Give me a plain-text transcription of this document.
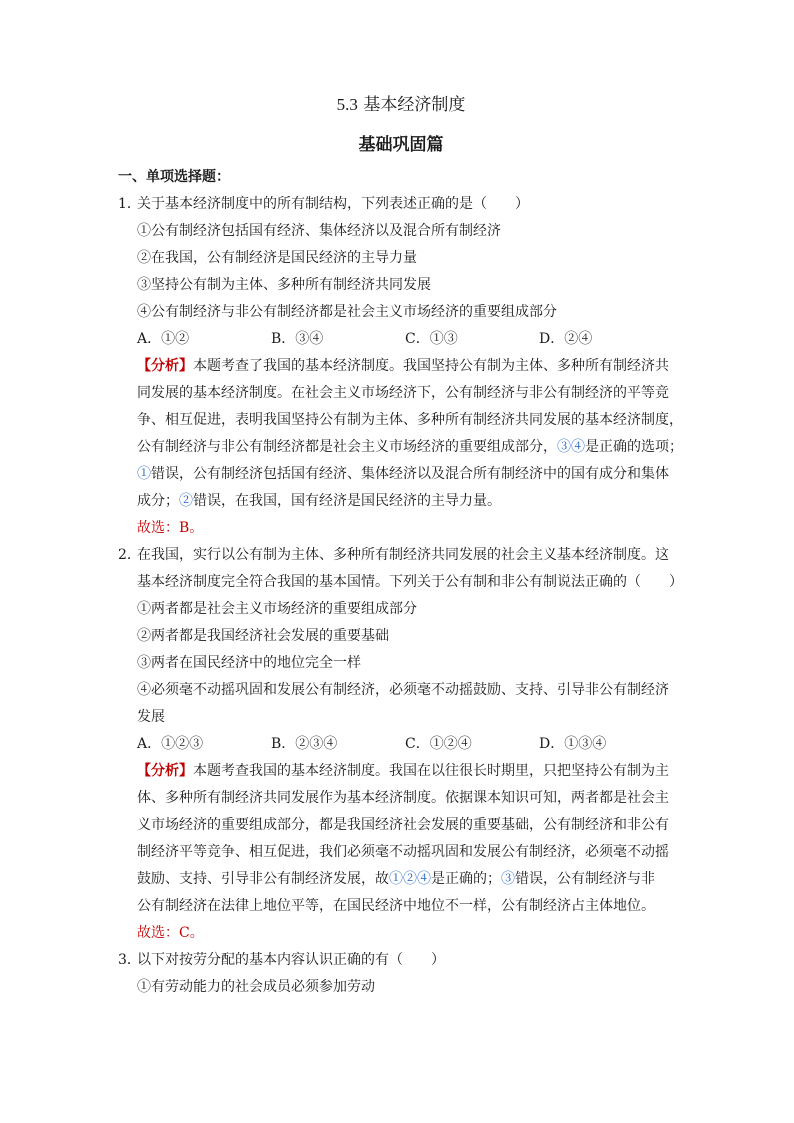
5.3 基本经济制度
基础巩固篇
一、单项选择题：
1．
关于基本经济制度中的所有制结构，下列表述正确的是（ ）
①公有制经济包括国有经济、集体经济以及混合所有制经济
②在我国，公有制经济是国民经济的主导力量
③坚持公有制为主体、多种所有制经济共同发展
④公有制经济与非公有制经济都是社会主义市场经济的重要组成部分
A．①②	B．③④	C．①③	D．②④
【分析】本题考查了我国的基本经济制度。我国坚持公有制为主体、多种所有制经济共
同发展的基本经济制度。在社会主义市场经济下，公有制经济与非公有制经济的平等竞
争、相互促进，表明我国坚持公有制为主体、多种所有制经济共同发展的基本经济制度，
公有制经济与非公有制经济都是社会主义市场经济的重要组成部分，③④是正确的选项；
①错误，公有制经济包括国有经济、集体经济以及混合所有制经济中的国有成分和集体
成分；②错误，在我国，国有经济是国民经济的主导力量。
故选：B。
2．
在我国，实行以公有制为主体、多种所有制经济共同发展的社会主义基本经济制度。这
基本经济制度完全符合我国的基本国情。下列关于公有制和非公有制说法正确的（ ）
①两者都是社会主义市场经济的重要组成部分
②两者都是我国经济社会发展的重要基础
③两者在国民经济中的地位完全一样
④必须毫不动摇巩固和发展公有制经济，必须毫不动摇鼓励、支持、引导非公有制经济
发展
A．①②③	B．②③④	C．①②④	D．①③④
【分析】本题考查我国的基本经济制度。我国在以往很长时期里，只把坚持公有制为主
体、多种所有制经济共同发展作为基本经济制度。依据课本知识可知，两者都是社会主
义市场经济的重要组成部分，都是我国经济社会发展的重要基础，公有制经济和非公有
制经济平等竞争、相互促进，我们必须毫不动摇巩固和发展公有制经济，必须毫不动摇
鼓励、支持、引导非公有制经济发展，故①②④是正确的；③错误，公有制经济与非
公有制经济在法律上地位平等，在国民经济中地位不一样，公有制经济占主体地位。
故选：C。
3．
以下对按劳分配的基本内容认识正确的有（ ）
①有劳动能力的社会成员必须参加劳动
